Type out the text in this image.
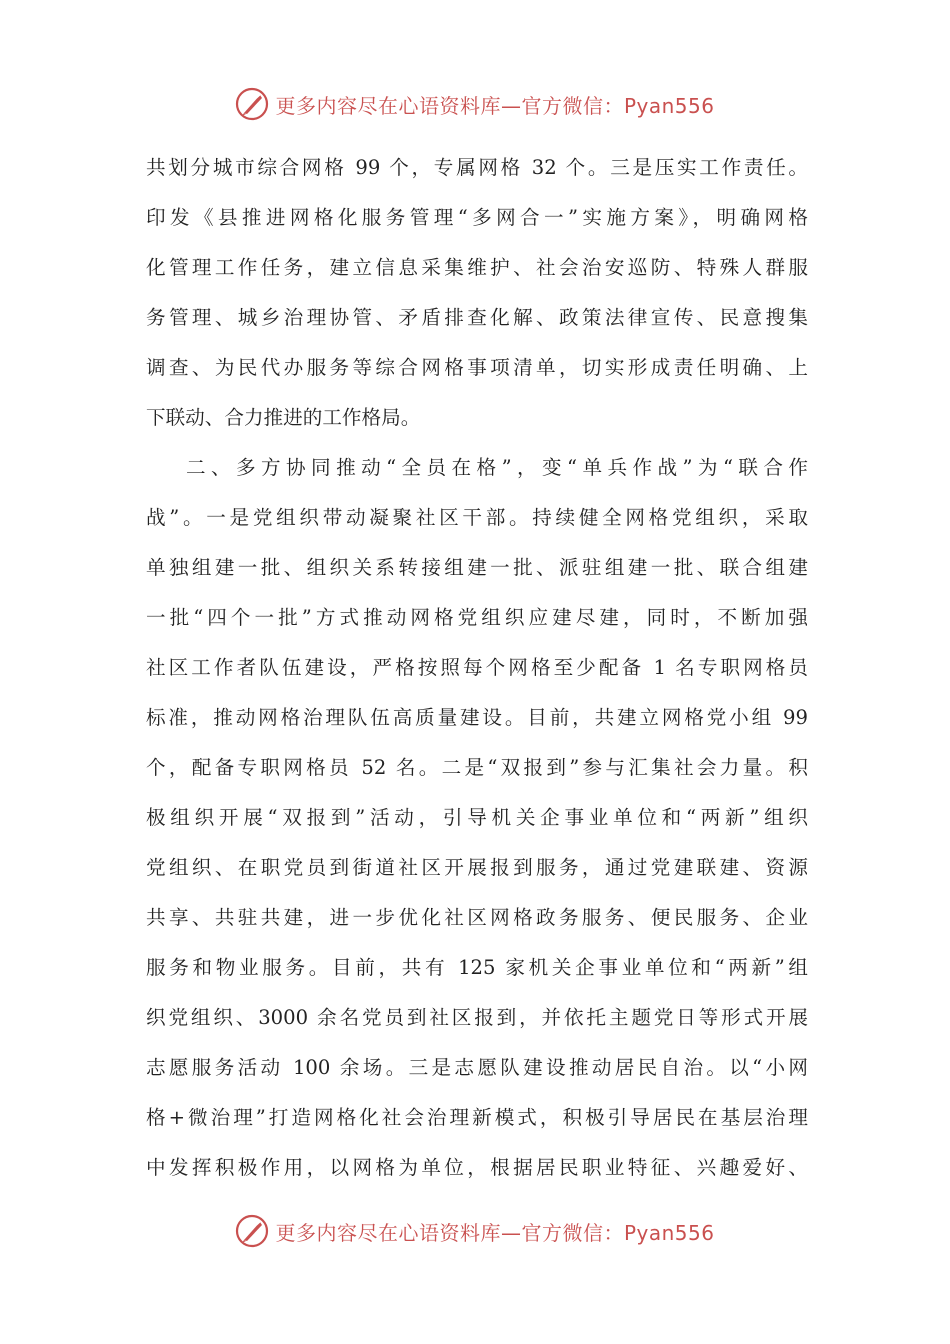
更多内容尽在心语资料库—官方微信：Pyan556
共划分城市综合网格 99 个，专属网格 32 个。三是压实工作责任。
印发《县推进网格化服务管理“多网合一”实施方案》，明确网格
化管理工作任务，建立信息采集维护、社会治安巡防、特殊人群服
务管理、城乡治理协管、矛盾排查化解、政策法律宣传、民意搜集
调查、为民代办服务等综合网格事项清单，切实形成责任明确、上
下联动、合力推进的工作格局。
二、多方协同推动“全员在格”，变“单兵作战”为“联合作
战”。一是党组织带动凝聚社区干部。持续健全网格党组织，采取
单独组建一批、组织关系转接组建一批、派驻组建一批、联合组建
一批“四个一批”方式推动网格党组织应建尽建，同时，不断加强
社区工作者队伍建设，严格按照每个网格至少配备 1 名专职网格员
标准，推动网格治理队伍高质量建设。目前，共建立网格党小组 99
个，配备专职网格员 52 名。二是“双报到”参与汇集社会力量。积
极组织开展“双报到”活动，引导机关企事业单位和“两新”组织
党组织、在职党员到街道社区开展报到服务，通过党建联建、资源
共享、共驻共建，进一步优化社区网格政务服务、便民服务、企业
服务和物业服务。目前，共有 125 家机关企事业单位和“两新”组
织党组织、3000 余名党员到社区报到，并依托主题党日等形式开展
志愿服务活动 100 余场。三是志愿队建设推动居民自治。以“小网
格+微治理”打造网格化社会治理新模式，积极引导居民在基层治理
中发挥积极作用，以网格为单位，根据居民职业特征、兴趣爱好、
更多内容尽在心语资料库—官方微信：Pyan556
